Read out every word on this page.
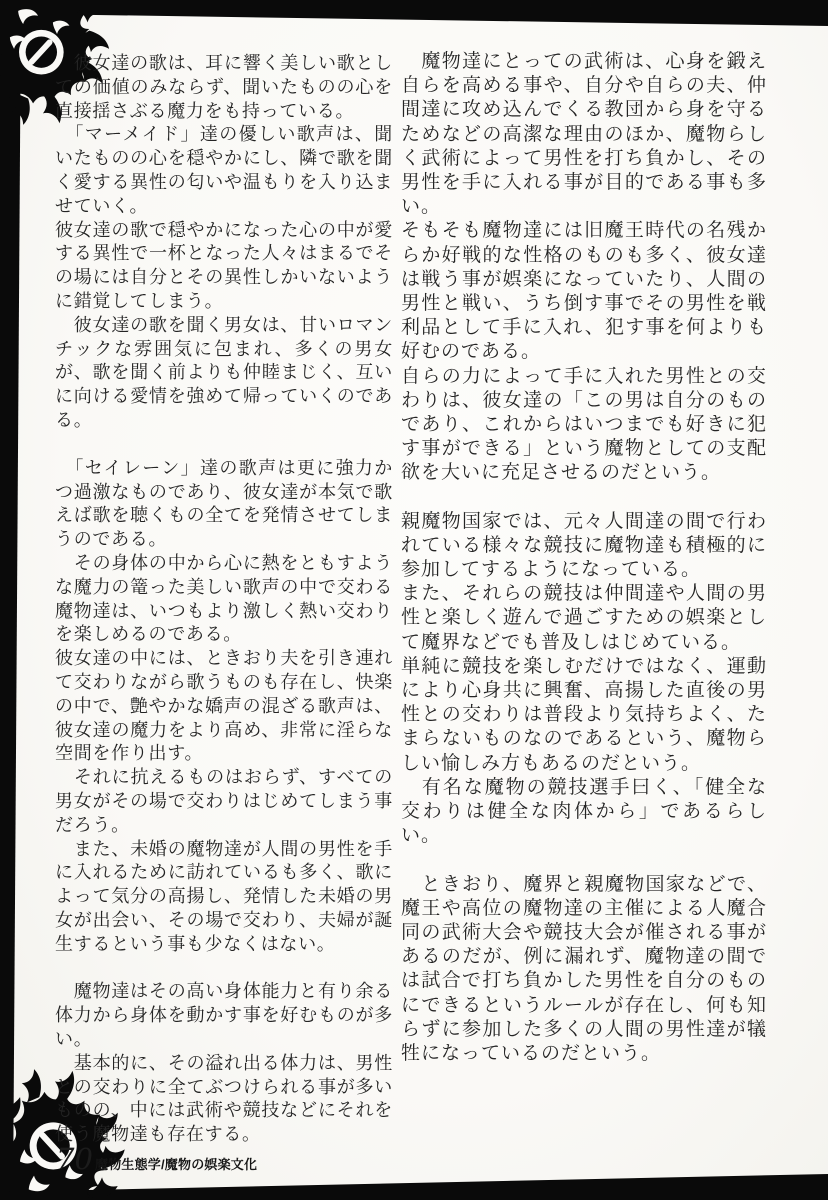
　彼女達の歌は、耳に響く美しい歌としての価値のみならず、聞いたものの心を直接揺さぶる魔力をも持っている。

　「マーメイド」達の優しい歌声は、聞いたものの心を穏やかにし、隣で歌を聞く愛する異性の匂いや温もりを入り込ませていく。

彼女達の歌で穏やかになった心の中が愛する異性で一杯となった人々はまるでその場には自分とその異性しかいないように錯覚してしまう。

　彼女達の歌を聞く男女は、甘いロマンチックな雰囲気に包まれ、多くの男女が、歌を聞く前よりも仲睦まじく、互いに向ける愛情を強めて帰っていくのである。

　「セイレーン」達の歌声は更に強力かつ過激なものであり、彼女達が本気で歌えば歌を聴くもの全てを発情させてしまうのである。

　その身体の中から心に熱をともすような魔力の篭った美しい歌声の中で交わる魔物達は、いつもより激しく熱い交わりを楽しめるのである。

彼女達の中には、ときおり夫を引き連れて交わりながら歌うものも存在し、快楽の中で、艶やかな嬌声の混ざる歌声は、彼女達の魔力をより高め、非常に淫らな空間を作り出す。

　それに抗えるものはおらず、すべての男女がその場で交わりはじめてしまう事だろう。

　また、未婚の魔物達が人間の男性を手に入れるために訪れているも多く、歌によって気分の高揚し、発情した未婚の男女が出会い、その場で交わり、夫婦が誕生するという事も少なくはない。

　魔物達はその高い身体能力と有り余る体力から身体を動かす事を好むものが多い。

　基本的に、その溢れ出る体力は、男性との交わりに全てぶつけられる事が多いものの、中には武術や競技などにそれを使う魔物達も存在する。

　魔物達にとっての武術は、心身を鍛え自らを高める事や、自分や自らの夫、仲間達に攻め込んでくる教団から身を守るためなどの高潔な理由のほか、魔物らしく武術によって男性を打ち負かし、その男性を手に入れる事が目的である事も多い。

そもそも魔物達には旧魔王時代の名残からか好戦的な性格のものも多く、彼女達は戦う事が娯楽になっていたり、人間の男性と戦い、うち倒す事でその男性を戦利品として手に入れ、犯す事を何よりも好むのである。

自らの力によって手に入れた男性との交わりは、彼女達の「この男は自分のものであり、これからはいつまでも好きに犯す事ができる」という魔物としての支配欲を大いに充足させるのだという。

親魔物国家では、元々人間達の間で行われている様々な競技に魔物達も積極的に参加してするようになっている。

また、それらの競技は仲間達や人間の男性と楽しく遊んで過ごすための娯楽として魔界などでも普及しはじめている。

単純に競技を楽しむだけではなく、運動により心身共に興奮、高揚した直後の男性との交わりは普段より気持ちよく、たまらないものなのであるという、魔物らしい愉しみ方もあるのだという。

　有名な魔物の競技選手曰く、「健全な交わりは健全な肉体から」であるらしい。

　ときおり、魔界と親魔物国家などで、魔王や高位の魔物達の主催による人魔合同の武術大会や競技大会が催される事があるのだが、例に漏れず、魔物達の間では試合で打ち負かした男性を自分のものにできるというルールが存在し、何も知らずに参加した多くの人間の男性達が犠牲になっているのだという。

70 魔物生態学/魔物の娯楽文化
